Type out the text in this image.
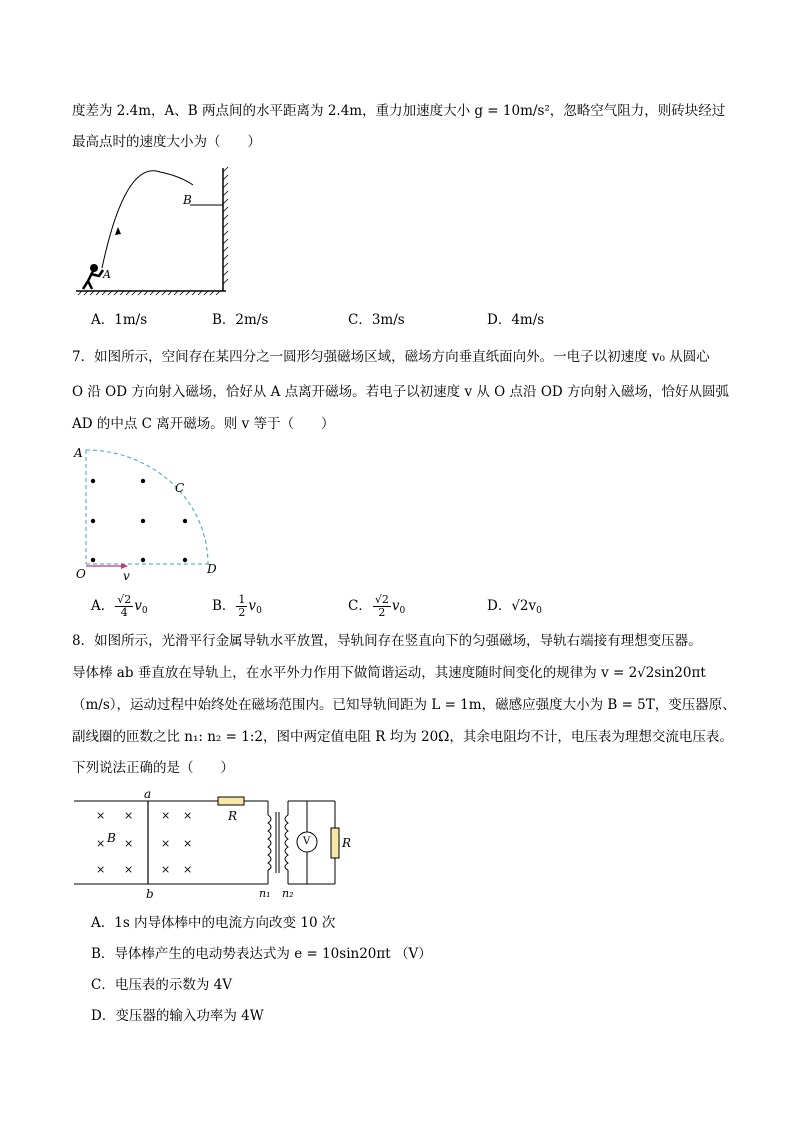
度差为 2.4m，A、B 两点间的水平距离为 2.4m，重力加速度大小 g = 10m/s²，忽略空气阻力，则砖块经过
最高点时的速度大小为（　　）
B
A
A．1m/s	B．2m/s	C．3m/s	D．4m/s
7．如图所示，空间存在某四分之一圆形匀强磁场区域，磁场方向垂直纸面向外。一电子以初速度 v₀ 从圆心
O 沿 OD 方向射入磁场，恰好从 A 点离开磁场。若电子以初速度 v 从 O 点沿 OD 方向射入磁场，恰好从圆弧
AD 的中点 C 离开磁场。则 v 等于（　　）
A
C
O	D
v
A． $\frac{√2}{4} v_0$	B． $\frac{1}{2} v_0$	C． $\frac{√2}{2} v_0$	D．$√2v_0$
8．如图所示，光滑平行金属导轨水平放置，导轨间存在竖直向下的匀强磁场，导轨右端接有理想变压器。
导体棒 ab 垂直放在导轨上，在水平外力作用下做简谐运动，其速度随时间变化的规律为 v = 2√2sin20πt
（m/s），运动过程中始终处在磁场范围内。已知导轨间距为 L = 1m，磁感应强度大小为 B = 5T，变压器原、
副线圈的匝数之比 n₁: n₂ = 1:2，图中两定值电阻 R 均为 20Ω，其余电阻均不计，电压表为理想交流电压表。
下列说法正确的是（　　）
a
b
B
R
R
V
n₁ n₂
× ×	× ×
× ×	× ×
× ×	× ×
A．1s 内导体棒中的电流方向改变 10 次
B．导体棒产生的电动势表达式为 e = 10sin20πt （V）
C．电压表的示数为 4V
D．变压器的输入功率为 4W
